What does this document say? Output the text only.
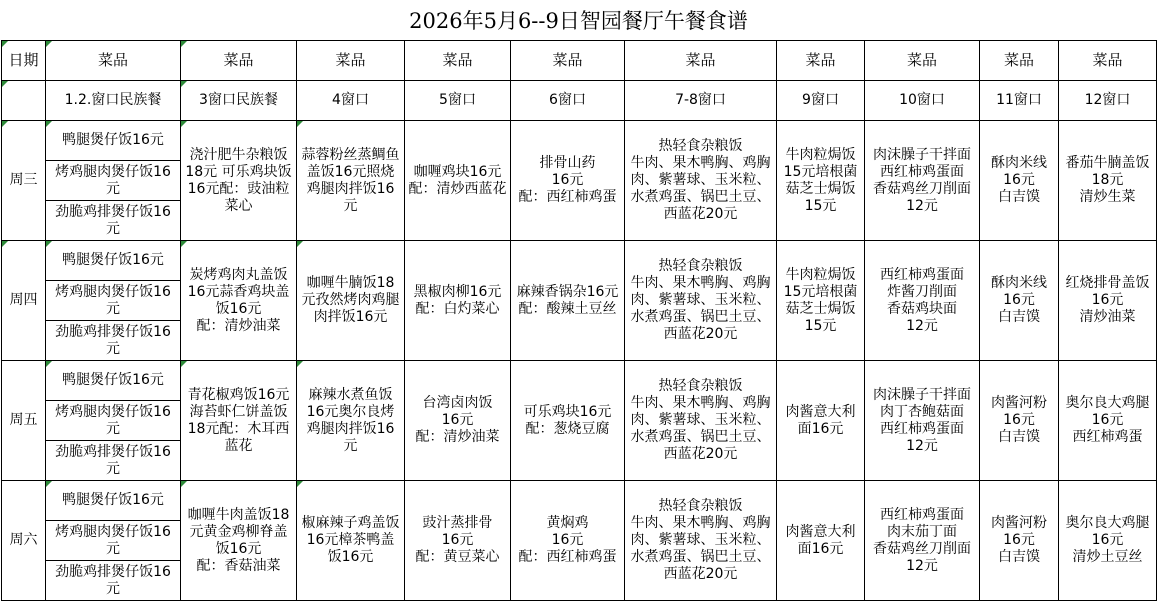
2026年5月6--9日智园餐厅午餐食谱
日期	菜品	菜品	菜品	菜品	菜品	菜品	菜品	菜品	菜品	菜品
	1.2.窗口民族餐	3窗口民族餐	4窗口	5窗口	6窗口	7-8窗口	9窗口	10窗口	11窗口	12窗口
周三	鸭腿煲仔饭16元	浇汁肥牛杂粮饭18元 可乐鸡块饭16元配：豉油粒菜心	蒜蓉粉丝蒸鲷鱼盖饭16元照烧鸡腿肉拌饭16元	咖喱鸡块16元
配：清炒西蓝花	排骨山药
16元
配：西红柿鸡蛋	热轻食杂粮饭
牛肉、果木鸭胸、鸡胸肉、紫薯球、玉米粒、水煮鸡蛋、锅巴土豆、西蓝花20元	牛肉粒焗饭15元培根菌菇芝士焗饭15元	肉沫臊子干拌面
西红柿鸡蛋面
香菇鸡丝刀削面
12元	酥肉米线
16元
白吉馍	番茄牛腩盖饭
18元
清炒生菜
	烤鸡腿肉煲仔饭16元									
	劲脆鸡排煲仔饭16元									
周四	鸭腿煲仔饭16元	炭烤鸡肉丸盖饭16元蒜香鸡块盖饭16元
配：清炒油菜	咖喱牛腩饭18元孜然烤肉鸡腿肉拌饭16元	黑椒肉柳16元
配：白灼菜心	麻辣香锅杂16元
配：酸辣土豆丝	热轻食杂粮饭
牛肉、果木鸭胸、鸡胸肉、紫薯球、玉米粒、水煮鸡蛋、锅巴土豆、西蓝花20元	牛肉粒焗饭15元培根菌菇芝士焗饭15元	西红柿鸡蛋面
炸酱刀削面
香菇鸡块面
12元	酥肉米线
16元
白吉馍	红烧排骨盖饭
16元
清炒油菜
	烤鸡腿肉煲仔饭16元									
	劲脆鸡排煲仔饭16元									
周五	鸭腿煲仔饭16元	青花椒鸡饭16元 海苔虾仁饼盖饭18元配：木耳西蓝花	麻辣水煮鱼饭16元奥尔良烤鸡腿肉拌饭16元	台湾卤肉饭
16元
配：清炒油菜	可乐鸡块16元
配：葱烧豆腐	热轻食杂粮饭
牛肉、果木鸭胸、鸡胸肉、紫薯球、玉米粒、水煮鸡蛋、锅巴土豆、西蓝花20元	肉酱意大利面16元	肉沫臊子干拌面
肉丁杏鲍菇面
西红柿鸡蛋面
12元	肉酱河粉
16元
白吉馍	奥尔良大鸡腿
16元
西红柿鸡蛋
	烤鸡腿肉煲仔饭16元									
	劲脆鸡排煲仔饭16元									
周六	鸭腿煲仔饭16元	咖喱牛肉盖饭18元黄金鸡柳脊盖饭16元
配：香菇油菜	椒麻辣子鸡盖饭16元樟茶鸭盖饭16元	豉汁蒸排骨
16元
配：黄豆菜心	黄焖鸡
16元
配：西红柿鸡蛋	热轻食杂粮饭
牛肉、果木鸭胸、鸡胸肉、紫薯球、玉米粒、水煮鸡蛋、锅巴土豆、西蓝花20元	肉酱意大利面16元	西红柿鸡蛋面
肉末茄丁面
香菇鸡丝刀削面 12元	肉酱河粉
16元
白吉馍	奥尔良大鸡腿
16元
清炒土豆丝
	烤鸡腿肉煲仔饭16元									
	劲脆鸡排煲仔饭16元									
